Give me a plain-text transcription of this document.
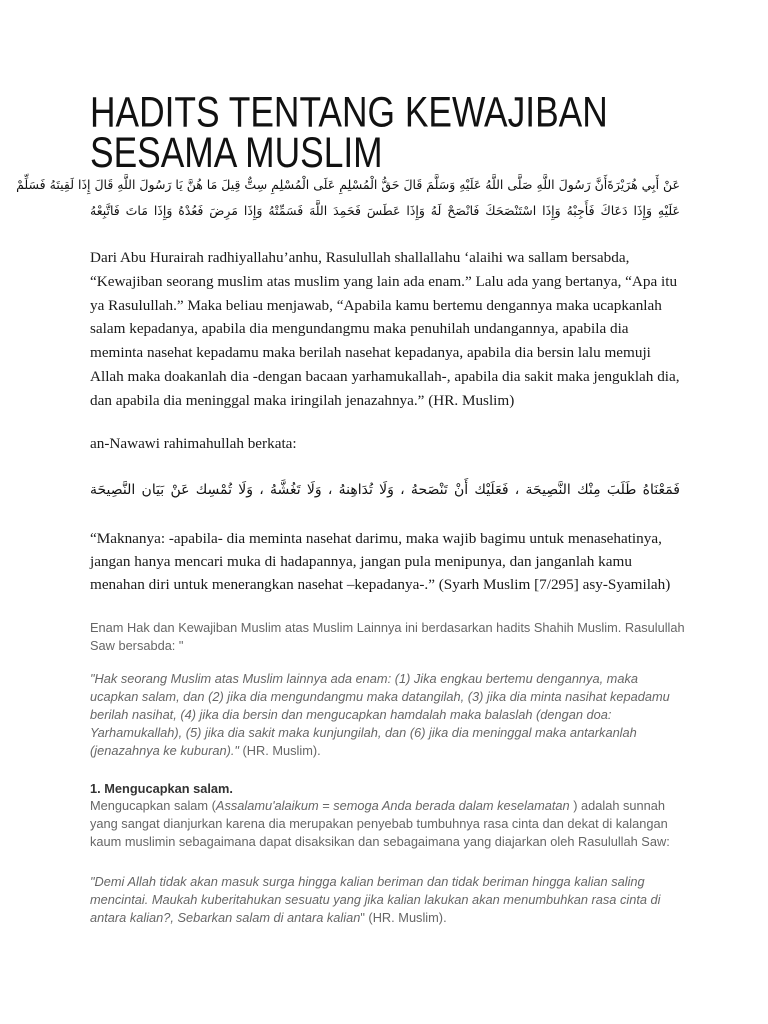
HADITS TENTANG KEWAJIBAN
SESAMA MUSLIM
عَنْ أَبِي هُرَيْرَةَأَنَّ رَسُولَ اللَّهِ صَلَّى اللَّهُ عَلَيْهِ وَسَلَّمَ قَالَ حَقُّ الْمُسْلِمِ عَلَى الْمُسْلِمِ سِتٌّ قِيلَ مَا هُنَّ يَا رَسُولَ اللَّهِ قَالَ إِذَا لَقِيتَهُ فَسَلِّمْ
عَلَيْهِ وَإِذَا دَعَاكَ فَأَجِبْهُ وَإِذَا اسْتَنْصَحَكَ فَانْصَحْ لَهُ وَإِذَا عَطَسَ فَحَمِدَ اللَّهَ فَسَمِّتْهُ وَإِذَا مَرِضَ فَعُدْهُ وَإِذَا مَاتَ فَاتَّبِعْهُ
Dari Abu Hurairah radhiyallahu’anhu, Rasulullah shallallahu ‘alaihi wa sallam bersabda,
“Kewajiban seorang muslim atas muslim yang lain ada enam.” Lalu ada yang bertanya, “Apa itu
ya Rasulullah.” Maka beliau menjawab, “Apabila kamu bertemu dengannya maka ucapkanlah
salam kepadanya, apabila dia mengundangmu maka penuhilah undangannya, apabila dia
meminta nasehat kepadamu maka berilah nasehat kepadanya, apabila dia bersin lalu memuji
Allah maka doakanlah dia -dengan bacaan yarhamukallah-, apabila dia sakit maka jenguklah dia,
dan apabila dia meninggal maka iringilah jenazahnya.” (HR. Muslim)
an-Nawawi rahimahullah berkata:
فَمَعْنَاهُ طَلَبَ مِنْك النَّصِيحَة ، فَعَلَيْك أَنْ تَنْصَحهُ ، وَلَا تُدَاهِنهُ ، وَلَا تَغُشَّهُ ، وَلَا تُمْسِك عَنْ بَيَان النَّصِيحَة
“Maknanya: -apabila- dia meminta nasehat darimu, maka wajib bagimu untuk menasehatinya,
jangan hanya mencari muka di hadapannya, jangan pula menipunya, dan janganlah kamu
menahan diri untuk menerangkan nasehat –kepadanya-.” (Syarh Muslim [7/295] asy-Syamilah)
Enam Hak dan Kewajiban Muslim atas Muslim Lainnya ini berdasarkan hadits Shahih Muslim. Rasulullah
Saw bersabda: "
"Hak seorang Muslim atas Muslim lainnya ada enam: (1) Jika engkau bertemu dengannya, maka
ucapkan salam, dan (2) jika dia mengundangmu maka datangilah, (3) jika dia minta nasihat kepadamu
berilah nasihat, (4) jika dia bersin dan mengucapkan hamdalah maka balaslah (dengan doa:
Yarhamukallah), (5) jika dia sakit maka kunjungilah, dan (6) jika dia meninggal maka antarkanlah
(jenazahnya ke kuburan)." (HR. Muslim).
1. Mengucapkan salam.
Mengucapkan salam (Assalamu'alaikum = semoga Anda berada dalam keselamatan ) adalah sunnah
yang sangat dianjurkan karena dia merupakan penyebab tumbuhnya rasa cinta dan dekat di kalangan
kaum muslimin sebagaimana dapat disaksikan dan sebagaimana yang diajarkan oleh Rasulullah Saw:
"Demi Allah tidak akan masuk surga hingga kalian beriman dan tidak beriman hingga kalian saling
mencintai. Maukah kuberitahukan sesuatu yang jika kalian lakukan akan menumbuhkan rasa cinta di
antara kalian?, Sebarkan salam di antara kalian" (HR. Muslim).
